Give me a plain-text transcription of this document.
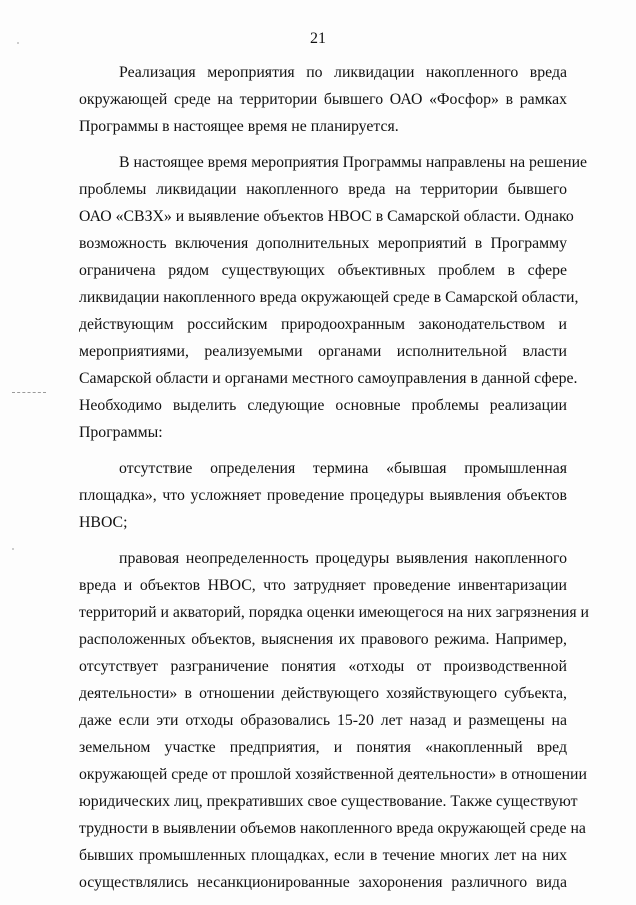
21
Реализация мероприятия по ликвидации накопленного вреда
окружающей среде на территории бывшего ОАО «Фосфор» в рамках
Программы в настоящее время не планируется.
В настоящее время мероприятия Программы направлены на решение
проблемы ликвидации накопленного вреда на территории бывшего
ОАО «СВЗХ» и выявление объектов НВОС в Самарской области. Однако
возможность включения дополнительных мероприятий в Программу
ограничена рядом существующих объективных проблем в сфере
ликвидации накопленного вреда окружающей среде в Самарской области,
действующим российским природоохранным законодательством и
мероприятиями, реализуемыми органами исполнительной власти
Самарской области и органами местного самоуправления в данной сфере.
Необходимо выделить следующие основные проблемы реализации
Программы:
отсутствие определения термина «бывшая промышленная
площадка», что усложняет проведение процедуры выявления объектов
НВОС;
правовая неопределенность процедуры выявления накопленного
вреда и объектов НВОС, что затрудняет проведение инвентаризации
территорий и акваторий, порядка оценки имеющегося на них загрязнения и
расположенных объектов, выяснения их правового режима. Например,
отсутствует разграничение понятия «отходы от производственной
деятельности» в отношении действующего хозяйствующего субъекта,
даже если эти отходы образовались 15-20 лет назад и размещены на
земельном участке предприятия, и понятия «накопленный вред
окружающей среде от прошлой хозяйственной деятельности» в отношении
юридических лиц, прекративших свое существование. Также существуют
трудности в выявлении объемов накопленного вреда окружающей среде на
бывших промышленных площадках, если в течение многих лет на них
осуществлялись несанкционированные захоронения различного вида
